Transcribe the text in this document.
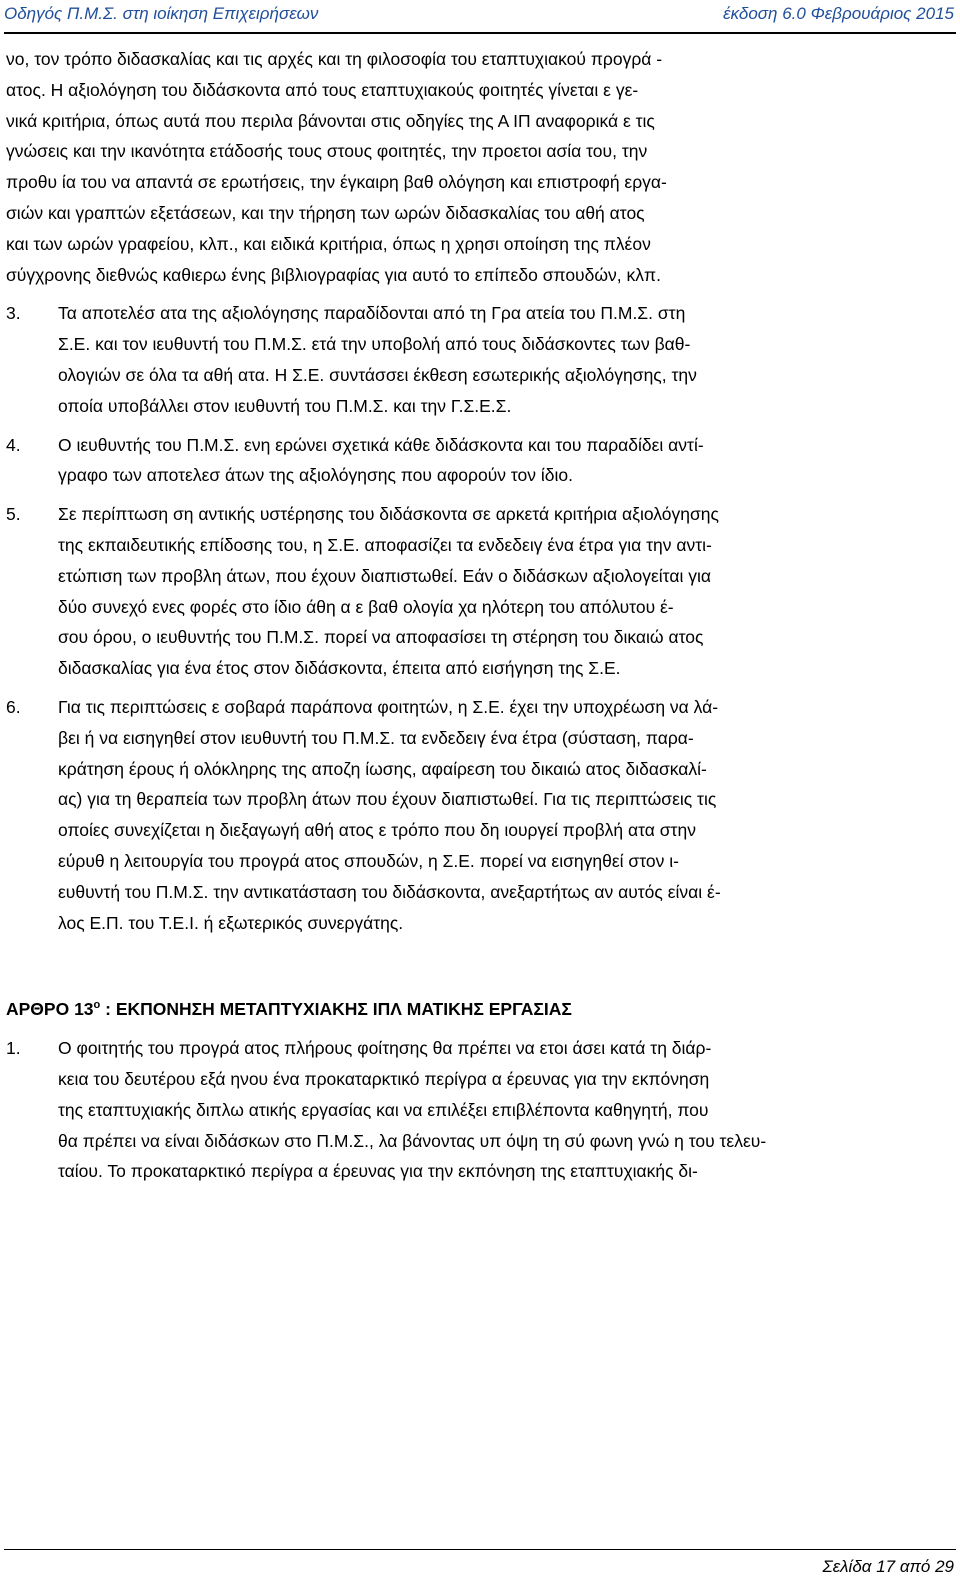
Οδηγός Π.Μ.Σ. στη ιοίκηση Επιχειρήσεων	έκδοση 6.0 Φεβρουάριος 2015
νο, τον τρόπο διδασκαλίας και τις αρχές και τη φιλοσοφία του εταπτυχιακού προγρά -
ατος. Η αξιολόγηση του διδάσκοντα από τους εταπτυχιακούς φοιτητές γίνεται ε γε-
νικά κριτήρια, όπως αυτά που περιλα βάνονται στις οδηγίες της Α ΙΠ αναφορικά ε τις
γνώσεις και την ικανότητα ετάδοσής τους στους φοιτητές, την προετοι ασία του, την
προθυ ία του να απαντά σε ερωτήσεις, την έγκαιρη βαθ ολόγηση και επιστροφή εργα-
σιών και γραπτών εξετάσεων, και την τήρηση των ωρών διδασκαλίας του αθή ατος
και των ωρών γραφείου, κλπ., και ειδικά κριτήρια, όπως η χρησι οποίηση της πλέον
σύγχρονης διεθνώς καθιερω ένης βιβλιογραφίας για αυτό το επίπεδο σπουδών, κλπ.
3. Τα αποτελέσ ατα της αξιολόγησης παραδίδονται από τη Γρα ατεία του Π.Μ.Σ. στη
Σ.Ε. και τον ιευθυντή του Π.Μ.Σ. ετά την υποβολή από τους διδάσκοντες των βαθ-
ολογιών σε όλα τα αθή ατα. Η Σ.Ε. συντάσσει έκθεση εσωτερικής αξιολόγησης, την
οποία υποβάλλει στον ιευθυντή του Π.Μ.Σ. και την Γ.Σ.Ε.Σ.
4. Ο ιευθυντής του Π.Μ.Σ. ενη ερώνει σχετικά κάθε διδάσκοντα και του παραδίδει αντί-
γραφο των αποτελεσ άτων της αξιολόγησης που αφορούν τον ίδιο.
5. Σε περίπτωση ση αντικής υστέρησης του διδάσκοντα σε αρκετά κριτήρια αξιολόγησης
της εκπαιδευτικής επίδοσης του, η Σ.Ε. αποφασίζει τα ενδεδειγ ένα έτρα για την αντι-
ετώπιση των προβλη άτων, που έχουν διαπιστωθεί. Εάν ο διδάσκων αξιολογείται για
δύο συνεχό ενες φορές στο ίδιο άθη α ε βαθ ολογία χα ηλότερη του απόλυτου έ-
σου όρου, ο ιευθυντής του Π.Μ.Σ. πορεί να αποφασίσει τη στέρηση του δικαιώ ατος
διδασκαλίας για ένα έτος στον διδάσκοντα, έπειτα από εισήγηση της Σ.Ε.
6. Για τις περιπτώσεις ε σοβαρά παράπονα φοιτητών, η Σ.Ε. έχει την υποχρέωση να λά-
βει ή να εισηγηθεί στον ιευθυντή του Π.Μ.Σ. τα ενδεδειγ ένα έτρα (σύσταση, παρα-
κράτηση έρους ή ολόκληρης της αποζη ίωσης, αφαίρεση του δικαιώ ατος διδασκαλί-
ας) για τη θεραπεία των προβλη άτων που έχουν διαπιστωθεί. Για τις περιπτώσεις τις
οποίες συνεχίζεται η διεξαγωγή αθή ατος ε τρόπο που δη ιουργεί προβλή ατα στην
εύρυθ η λειτουργία του προγρά ατος σπουδών, η Σ.Ε. πορεί να εισηγηθεί στον ι-
ευθυντή του Π.Μ.Σ. την αντικατάσταση του διδάσκοντα, ανεξαρτήτως αν αυτός είναι έ-
λος Ε.Π. του Τ.Ε.Ι. ή εξωτερικός συνεργάτης.
ΑΡΘΡΟ $13^o$ : ΕΚΠΟΝΗΣΗ ΜΕΤΑΠΤΥΧΙΑΚΗΣ ΙΠΛ ΜΑΤΙΚΗΣ ΕΡΓΑΣΙΑΣ
1. Ο φοιτητής του προγρά ατος πλήρους φοίτησης θα πρέπει να ετοι άσει κατά τη διάρ-
κεια του δευτέρου εξά ηνου ένα προκαταρκτικό περίγρα α έρευνας για την εκπόνηση
της εταπτυχιακής διπλω ατικής εργασίας και να επιλέξει επιβλέποντα καθηγητή, που
θα πρέπει να είναι διδάσκων στο Π.Μ.Σ., λα βάνοντας υπ όψη τη σύ φωνη γνώ η του τελευ-
ταίου. Το προκαταρκτικό περίγρα α έρευνας για την εκπόνηση της εταπτυχιακής δι-
Σελίδα 17 από 29
